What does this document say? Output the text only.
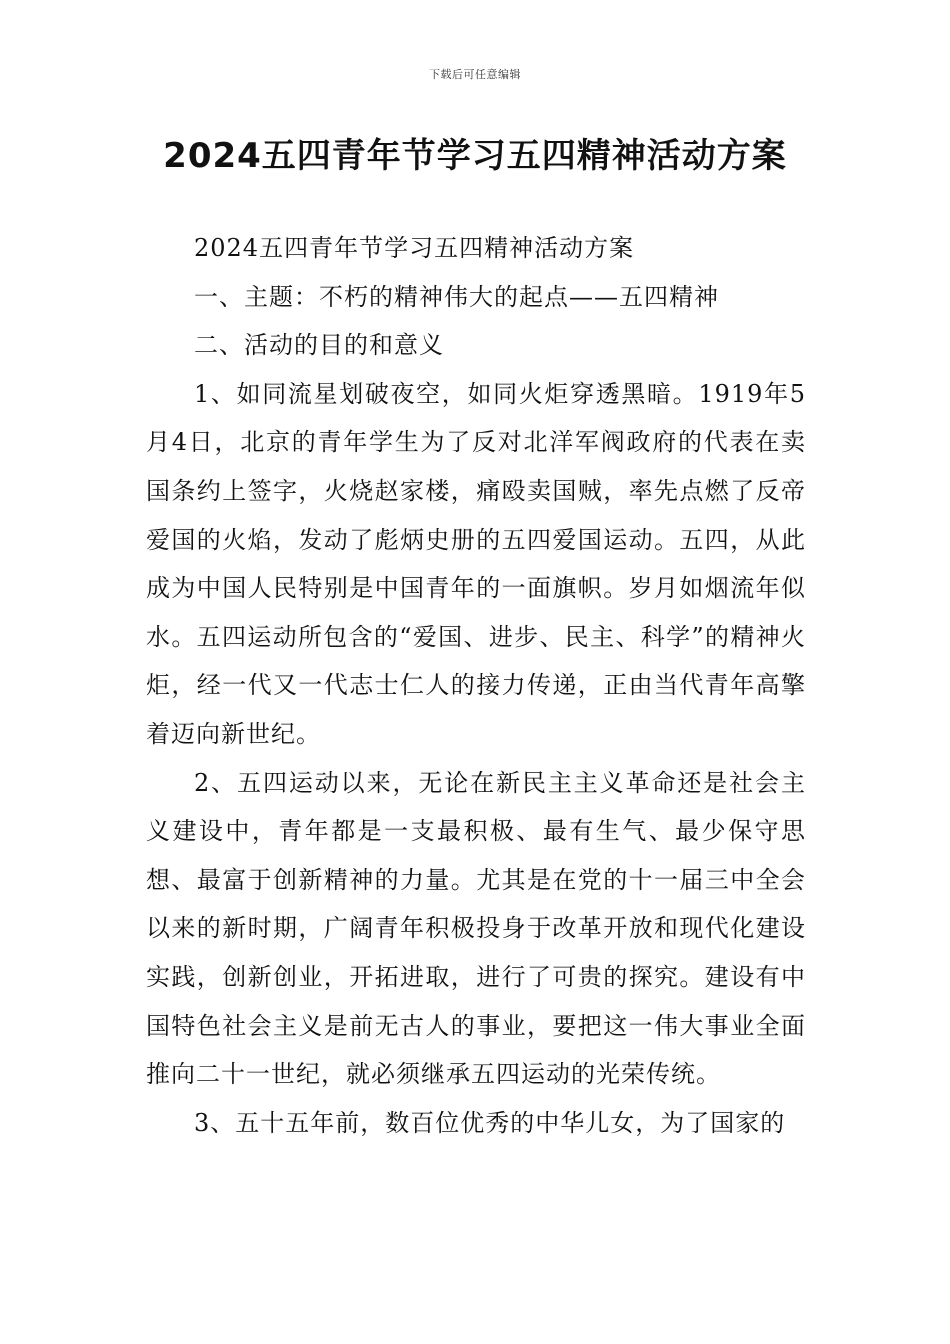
下载后可任意编辑
2024五四青年节学习五四精神活动方案

2024五四青年节学习五四精神活动方案

一、主题：不朽的精神伟大的起点——五四精神

二、活动的目的和意义

1、如同流星划破夜空，如同火炬穿透黑暗。1919年5月4日，北京的青年学生为了反对北洋军阀政府的代表在卖国条约上签字，火烧赵家楼，痛殴卖国贼，率先点燃了反帝爱国的火焰，发动了彪炳史册的五四爱国运动。五四，从此成为中国人民特别是中国青年的一面旗帜。岁月如烟流年似水。五四运动所包含的“爱国、进步、民主、科学”的精神火炬，经一代又一代志士仁人的接力传递，正由当代青年高擎着迈向新世纪。

2、五四运动以来，无论在新民主主义革命还是社会主义建设中，青年都是一支最积极、最有生气、最少保守思想、最富于创新精神的力量。尤其是在党的十一届三中全会以来的新时期，广阔青年积极投身于改革开放和现代化建设实践，创新创业，开拓进取，进行了可贵的探究。建设有中国特色社会主义是前无古人的事业，要把这一伟大事业全面推向二十一世纪，就必须继承五四运动的光荣传统。

3、五十五年前，数百位优秀的中华儿女，为了国家的
